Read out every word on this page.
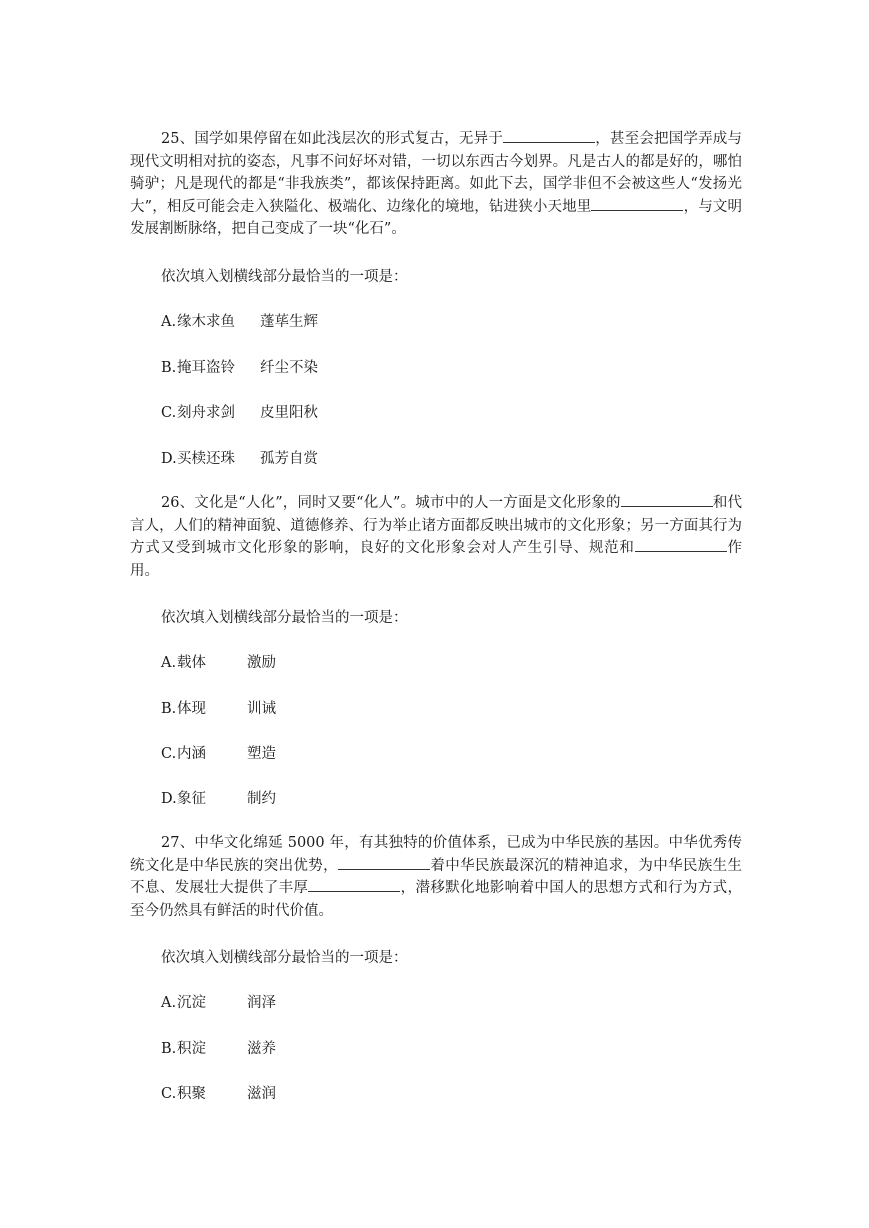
25、国学如果停留在如此浅层次的形式复古，无异于	，甚至会把国学弄成与现代文明相对抗的姿态，凡事不问好坏对错，一切以东西古今划界。凡是古人的都是好的，哪怕骑驴；凡是现代的都是“非我族类”，都该保持距离。如此下去，国学非但不会被这些人“发扬光大”，相反可能会走入狭隘化、极端化、边缘化的境地，钻进狭小天地里	，与文明发展割断脉络，把自己变成了一块“化石”。

依次填入划横线部分最恰当的一项是：

A.缘木求鱼 蓬荜生辉

B.掩耳盗铃 纤尘不染

C.刻舟求剑 皮里阳秋

D.买椟还珠 孤芳自赏

26、文化是“人化”，同时又要“化人”。城市中的人一方面是文化形象的	和代言人，人们的精神面貌、道德修养、行为举止诸方面都反映出城市的文化形象；另一方面其行为方式又受到城市文化形象的影响，良好的文化形象会对人产生引导、规范和	作用。

依次填入划横线部分最恰当的一项是：

A.载体	激励

B.体现	训诫

C.内涵	塑造

D.象征	制约

27、中华文化绵延 5000 年，有其独特的价值体系，已成为中华民族的基因。中华优秀传统文化是中华民族的突出优势，	着中华民族最深沉的精神追求，为中华民族生生不息、发展壮大提供了丰厚	，潜移默化地影响着中国人的思想方式和行为方式，至今仍然具有鲜活的时代价值。

依次填入划横线部分最恰当的一项是：

A.沉淀	润泽

B.积淀	滋养

C.积聚	滋润
